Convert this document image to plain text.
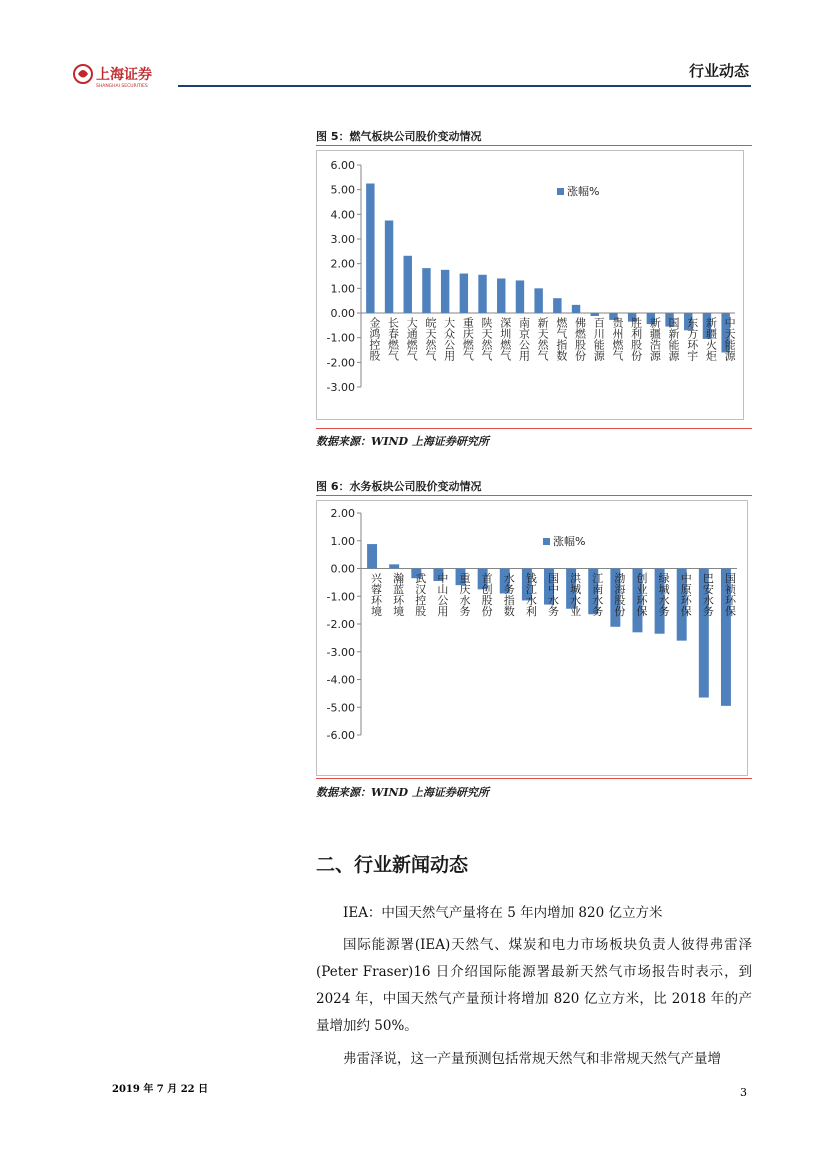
上海证券
SHANGHAI SECURITIES
行业动态
图 5：燃气板块公司股价变动情况
6.00
5.00
4.00
3.00
2.00
1.00
0.00
-1.00
-2.00
-3.00
金鸿控股 长春燃气 大通燃气 皖天然气 大众公用 重庆燃气 陕天然气 深圳燃气 南京公用 新天然气 燃气指数 佛燃股份 百川能源 贵州燃气 胜利股份 新疆浩源 国新能源 东方环宇 新疆火炬 中天能源
涨幅%
数据来源：WIND 上海证券研究所
图 6：水务板块公司股价变动情况
2.00
1.00
0.00
-1.00
-2.00
-3.00
-4.00
-5.00
-6.00
兴蓉环境 瀚蓝环境 武汉控股 中山公用 重庆水务 首创股份 水务指数 钱江水利 国中水务 洪城水业 江南水务 渤海股份 创业环保 绿城水务 中原环保 巴安水务 国祯环保
涨幅%
数据来源：WIND 上海证券研究所
二、行业新闻动态
IEA：中国天然气产量将在 5 年内增加 820 亿立方米
国际能源署(IEA)天然气、煤炭和电力市场板块负责人彼得弗雷泽(Peter Fraser)16 日介绍国际能源署最新天然气市场报告时表示，到2024 年，中国天然气产量预计将增加 820 亿立方米，比 2018 年的产量增加约 50%。
弗雷泽说，这一产量预测包括常规天然气和非常规天然气产量增
2019 年 7 月 22 日	3
